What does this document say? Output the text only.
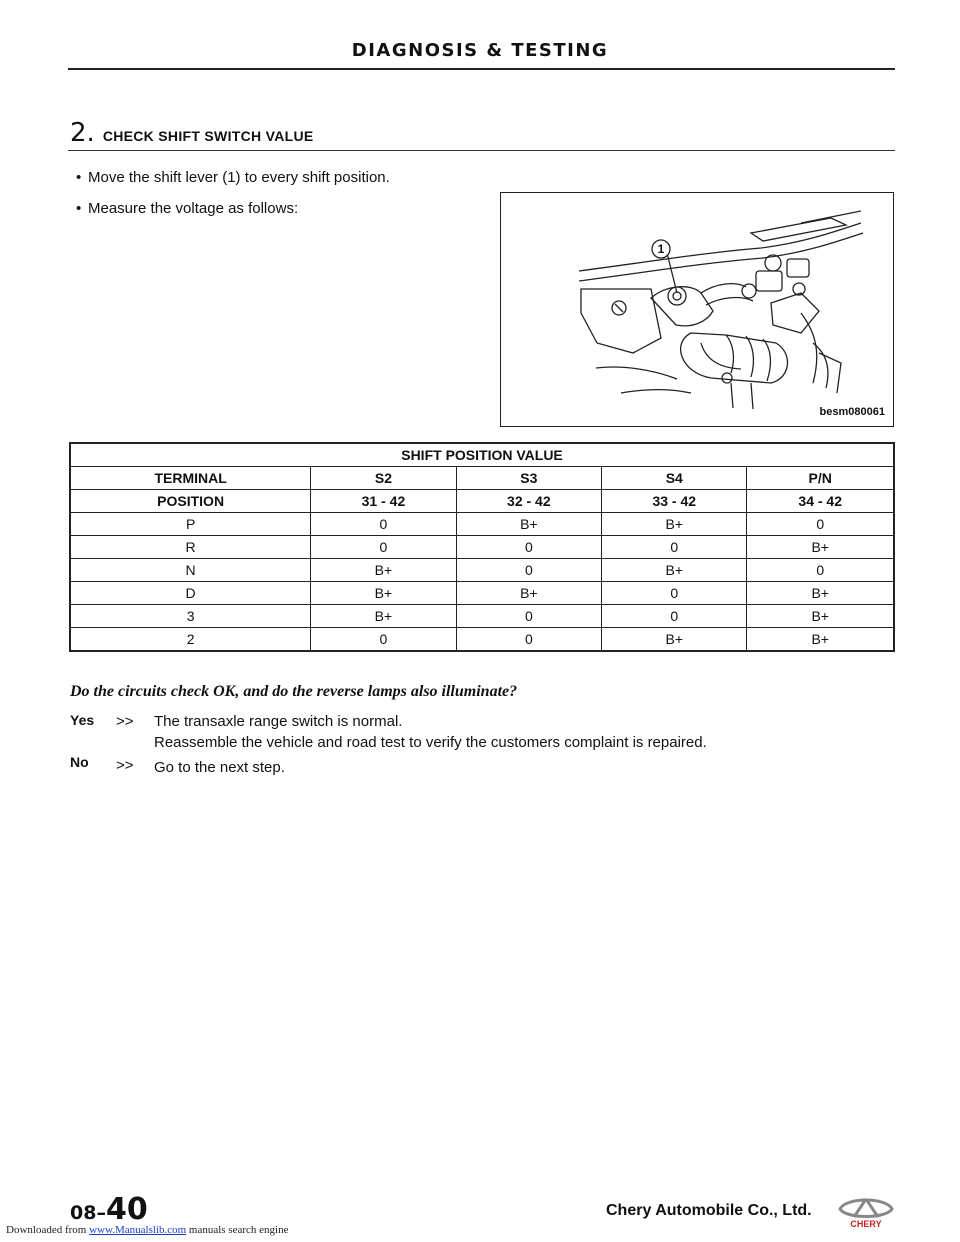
DIAGNOSIS & TESTING
2. CHECK SHIFT SWITCH VALUE
• Move the shift lever (1) to every shift position.
• Measure the voltage as follows:
1
besm080061
SHIFT POSITION VALUE				
TERMINAL	S2	S3	S4	P/N
POSITION	31 - 42	32 - 42	33 - 42	34 - 42
P	0	B+	B+	0
R	0	0	0	B+
N	B+	0	B+	0
D	B+	B+	0	B+
3	B+	0	0	B+
2	0	0	B+	B+
Do the circuits check OK, and do the reverse lamps also illuminate?
Yes >> The transaxle range switch is normal.
Reassemble the vehicle and road test to verify the customers complaint is repaired.
No >> Go to the next step.
08– 40	Chery Automobile Co., Ltd.
CHERY
Downloaded from www.Manualslib.com manuals search engine
